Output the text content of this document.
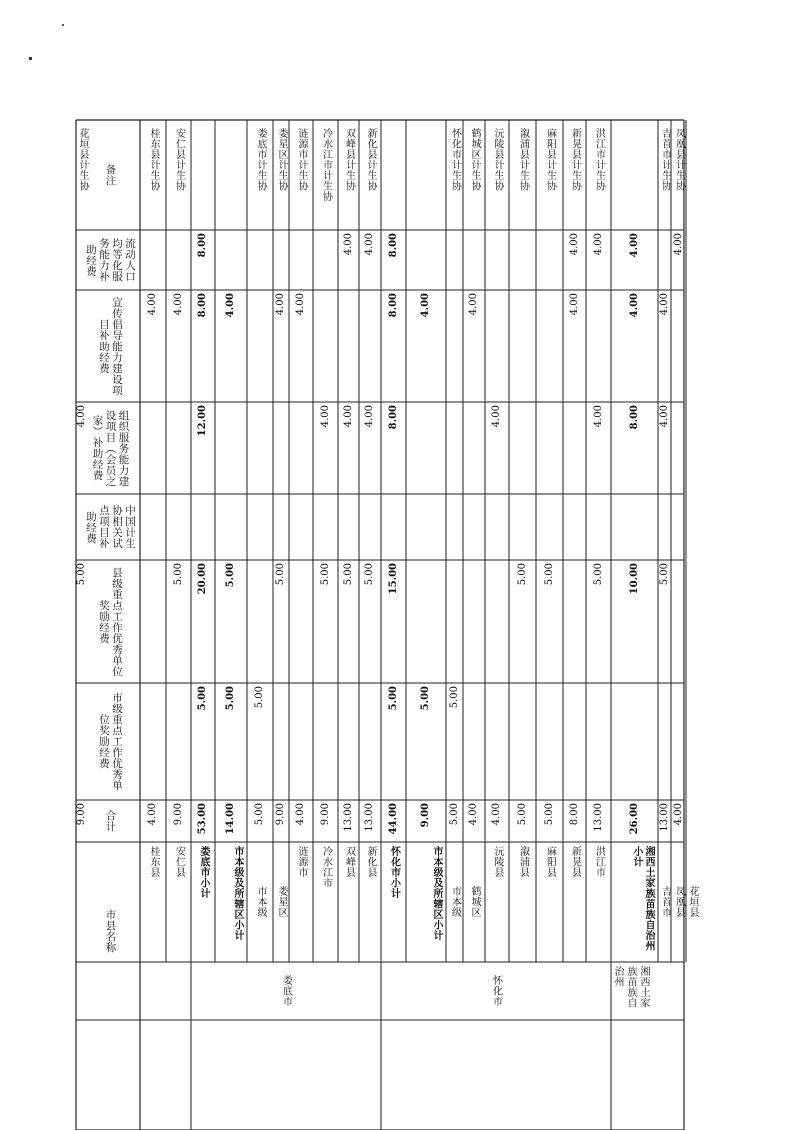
备注
流动人口均等化服务能力补助经费
宣传倡导能力建设项目补助经费
组织服务能力建设项目（会员之家）补助经费
中国计生协相关试点项目补助经费
县级重点工作优秀单位奖励经费
市级重点工作优秀单位奖励经费
合计
市县名称
桂东县
4.00
4.00
桂东县计生协
安仁县
9.00
5.00
4.00
安仁县计生协
娄底市小计
53.00
5.00
20.00
12.00
8.00
8.00
市本级及所辖区小计
14.00
5.00
5.00
4.00
市本级
5.00
5.00
娄底市计生协
娄星区
9.00
5.00
4.00
娄星区计生协
涟源市
4.00
4.00
涟源市计生协
冷水江市
9.00
5.00
4.00
冷水江市计生协
双峰县
13.00
5.00
4.00
4.00
双峰县计生协
新化县
13.00
5.00
4.00
4.00
新化县计生协
怀化市小计
44.00
5.00
15.00
8.00
8.00
8.00
市本级及所辖区小计
9.00
5.00
4.00
市本级
5.00
5.00
怀化市计生协
鹤城区
4.00
4.00
鹤城区计生协
沅陵县
4.00
4.00
沅陵县计生协
溆浦县
5.00
5.00
溆浦县计生协
麻阳县
5.00
5.00
麻阳县计生协
新晃县
8.00
4.00
4.00
新晃县计生协
洪江市
13.00
5.00
4.00
4.00
洪江市计生协
湘西土家族苗族自治州小计
26.00
10.00
8.00
4.00
4.00
吉首市
13.00
5.00
4.00
4.00
吉首市计生协
凤凰县
4.00
4.00
凤凰县计生协
花垣县
9.00
5.00
4.00
花垣县计生协
娄底市	怀化市	湘西土家族苗族自治州
